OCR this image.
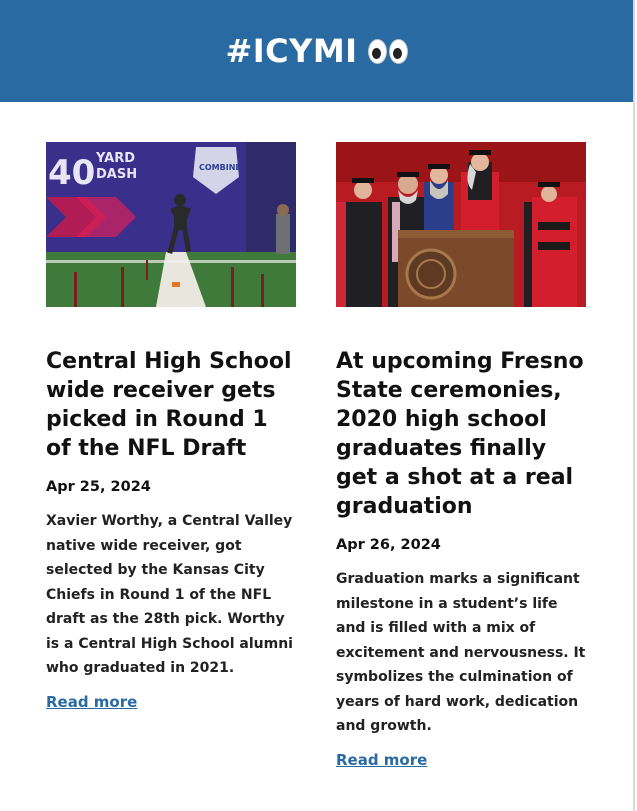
#ICYMI
40 YARD
DASH	COMBINE
Central High School wide receiver gets picked in Round 1 of the NFL Draft
Apr 25, 2024
Xavier Worthy, a Central Valley native wide receiver, got selected by the Kansas City Chiefs in Round 1 of the NFL draft as the 28th pick. Worthy is a Central High School alumni who graduated in 2021.
Read more
At upcoming Fresno State ceremonies, 2020 high school graduates finally get a shot at a real graduation
Apr 26, 2024
Graduation marks a significant milestone in a student’s life and is filled with a mix of excitement and nervousness. It symbolizes the culmination of years of hard work, dedication and growth.
Read more
